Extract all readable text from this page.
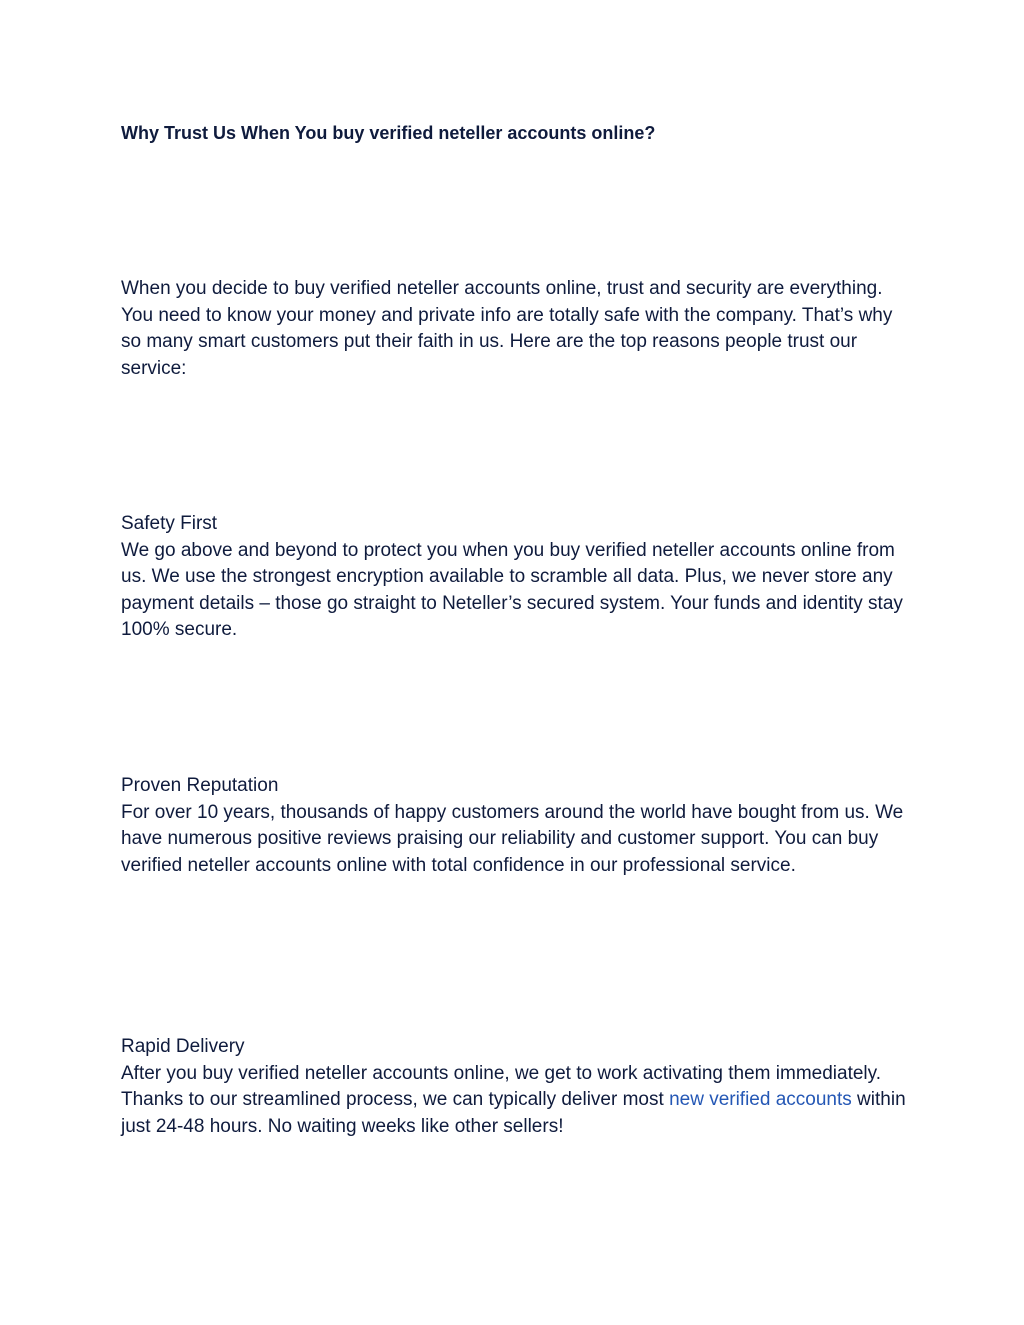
Why Trust Us When You buy verified neteller accounts online?

When you decide to buy verified neteller accounts online, trust and security are everything. You need to know your money and private info are totally safe with the company. That’s why so many smart customers put their faith in us. Here are the top reasons people trust our service:

Safety First
We go above and beyond to protect you when you buy verified neteller accounts online from us. We use the strongest encryption available to scramble all data. Plus, we never store any payment details – those go straight to Neteller’s secured system. Your funds and identity stay 100% secure.
Proven Reputation
For over 10 years, thousands of happy customers around the world have bought from us. We have numerous positive reviews praising our reliability and customer support. You can buy verified neteller accounts online with total confidence in our professional service.
Rapid Delivery
After you buy verified neteller accounts online, we get to work activating them immediately. Thanks to our streamlined process, we can typically deliver most new verified accounts within just 24-48 hours. No waiting weeks like other sellers!
